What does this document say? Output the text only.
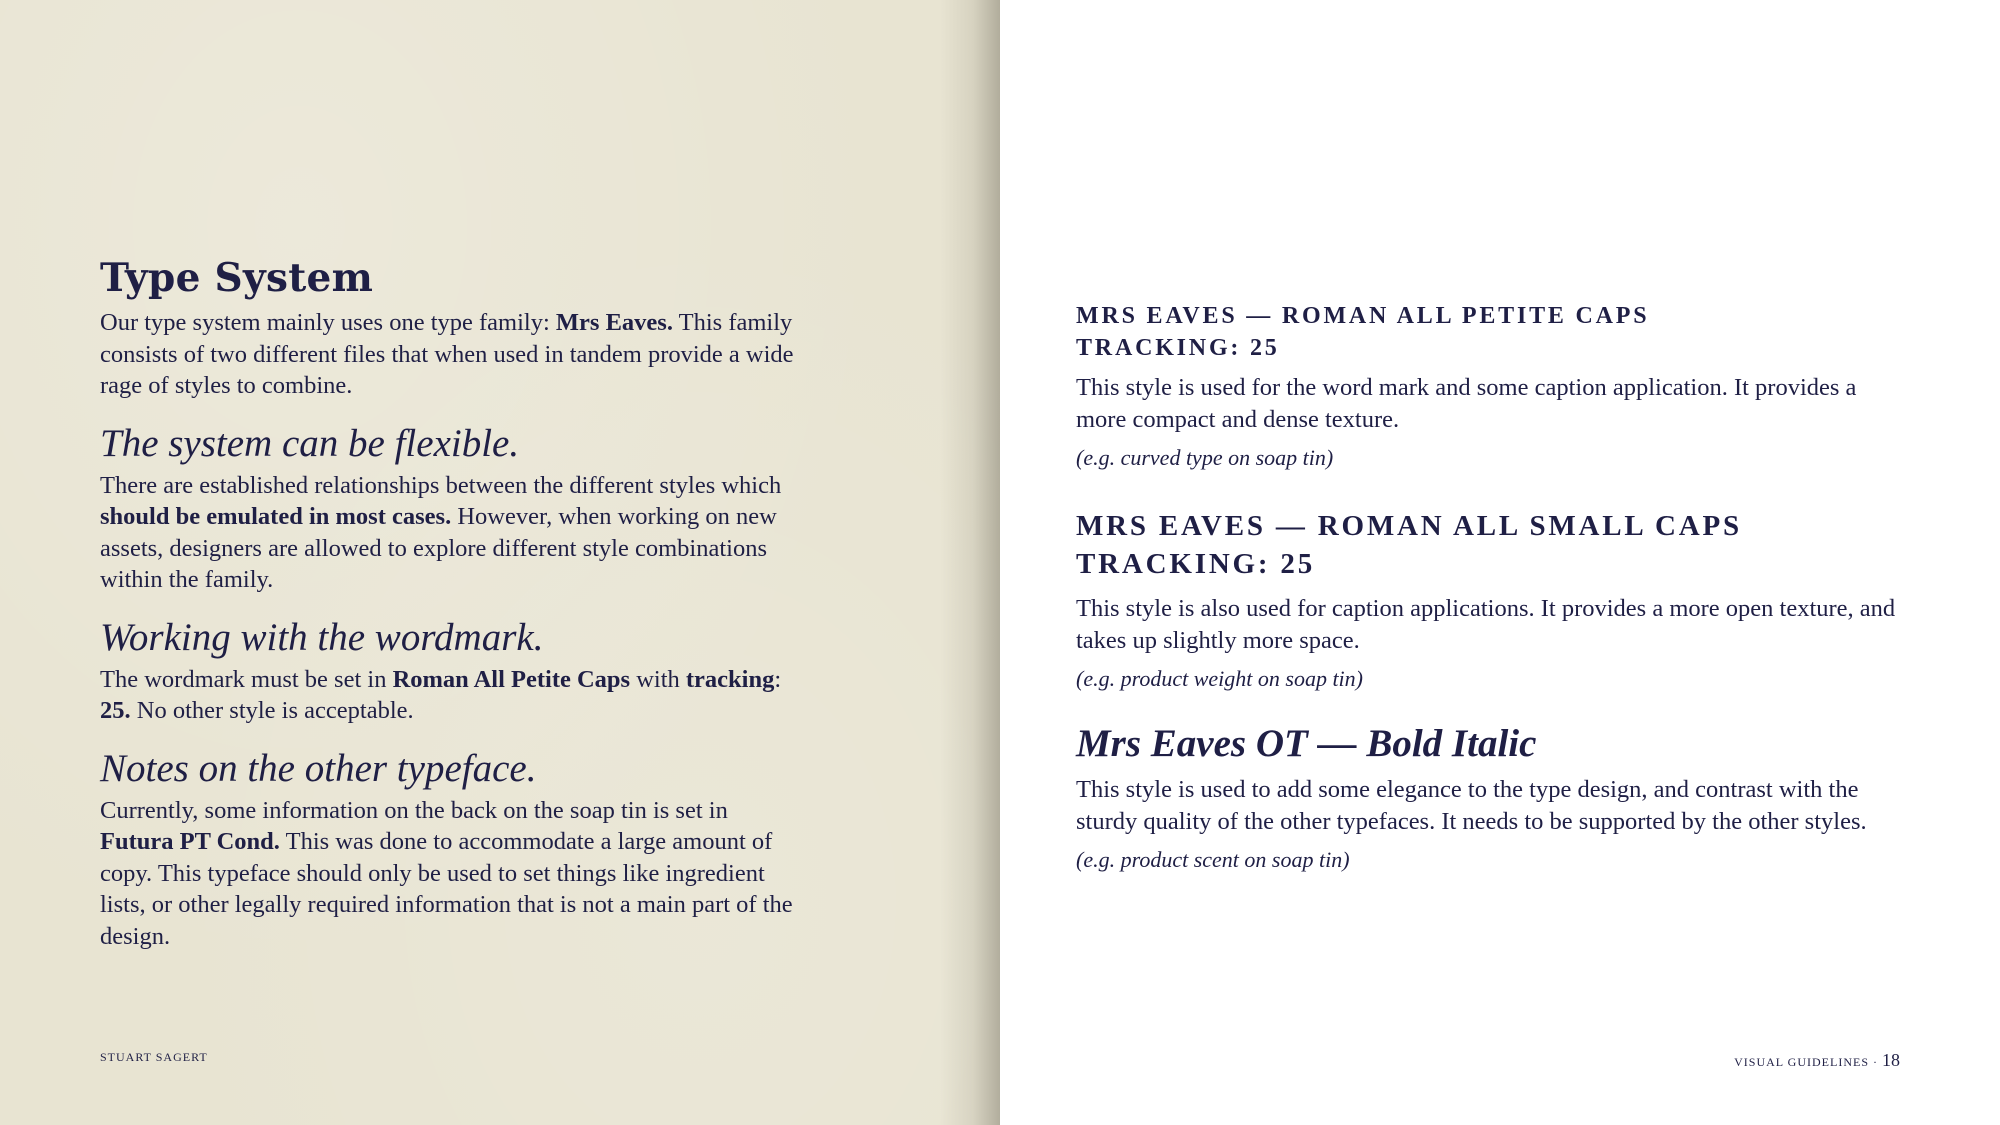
Type System

Our type system mainly uses one type family: Mrs Eaves. This family consists of two different files that when used in tandem provide a wide rage of styles to combine.

The system can be flexible.

There are established relationships between the different styles which should be emulated in most cases. However, when working on new assets, designers are allowed to explore different style combinations within the family.

Working with the wordmark.

The wordmark must be set in Roman All Petite Caps with tracking: 25. No other style is acceptable.

Notes on the other typeface.

Currently, some information on the back on the soap tin is set in Futura PT Cond. This was done to accommodate a large amount of copy. This typeface should only be used to set things like ingredient lists, or other legally required information that is not a main part of the design.

STUART SAGERT
MRS EAVES — ROMAN ALL PETITE CAPS
TRACKING: 25

This style is used for the word mark and some caption application. It provides a more compact and dense texture.

(e.g. curved type on soap tin)

MRS EAVES — ROMAN ALL SMALL CAPS
TRACKING: 25

This style is also used for caption applications. It provides a more open texture, and takes up slightly more space.

(e.g. product weight on soap tin)

Mrs Eaves OT — Bold Italic

This style is used to add some elegance to the type design, and contrast with the sturdy quality of the other typefaces. It needs to be supported by the other styles.

(e.g. product scent on soap tin)

VISUAL GUIDELINES · 18
